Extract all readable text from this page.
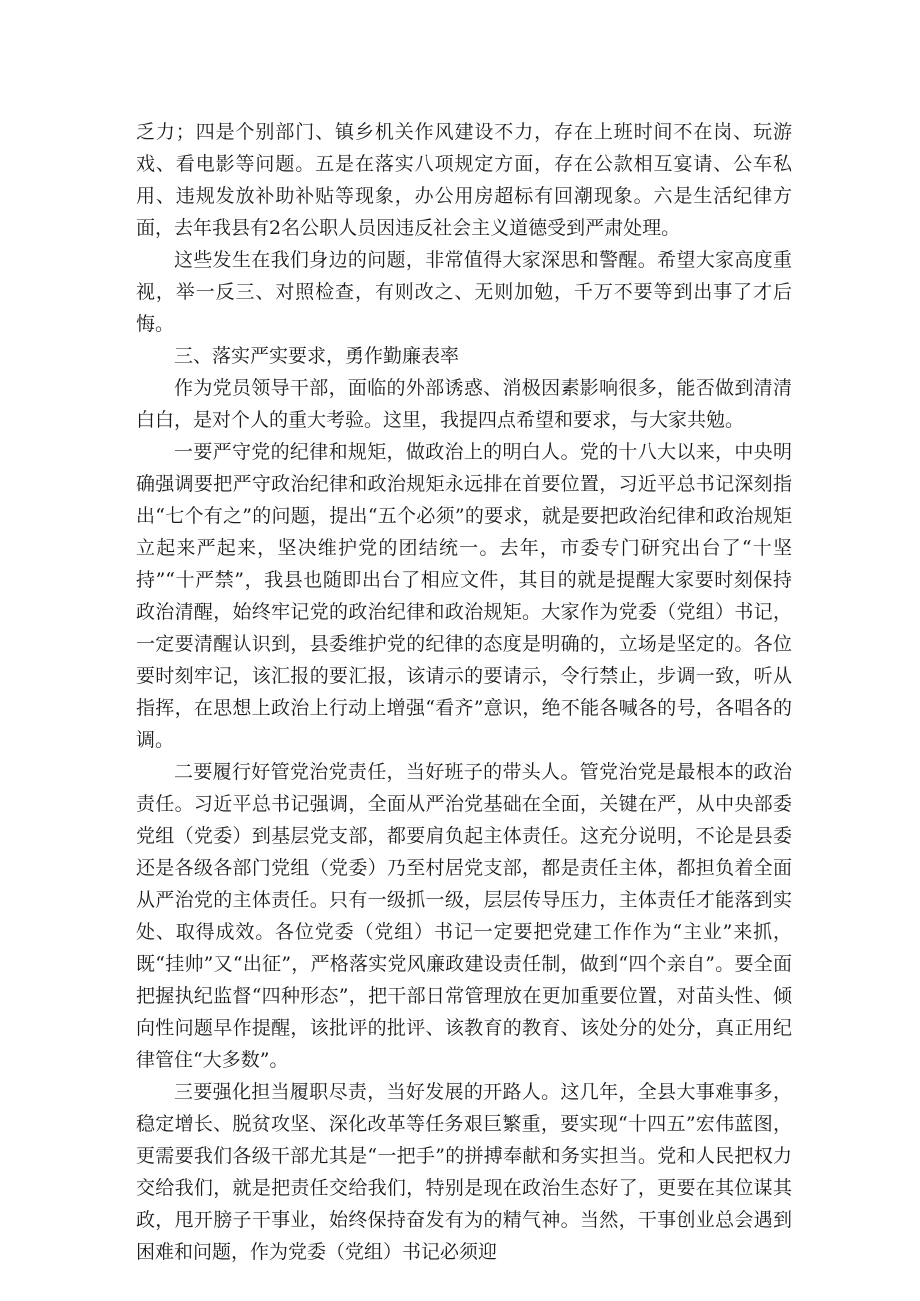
乏力；四是个别部门、镇乡机关作风建设不力，存在上班时间不在岗、玩游戏、看电影等问题。五是在落实八项规定方面，存在公款相互宴请、公车私用、违规发放补助补贴等现象，办公用房超标有回潮现象。六是生活纪律方面，去年我县有2名公职人员因违反社会主义道德受到严肃处理。

这些发生在我们身边的问题，非常值得大家深思和警醒。希望大家高度重视，举一反三、对照检查，有则改之、无则加勉，千万不要等到出事了才后悔。

三、落实严实要求，勇作勤廉表率

作为党员领导干部，面临的外部诱惑、消极因素影响很多，能否做到清清白白，是对个人的重大考验。这里，我提四点希望和要求，与大家共勉。

一要严守党的纪律和规矩，做政治上的明白人。党的十八大以来，中央明确强调要把严守政治纪律和政治规矩永远排在首要位置，习近平总书记深刻指出“七个有之”的问题，提出“五个必须”的要求，就是要把政治纪律和政治规矩立起来严起来，坚决维护党的团结统一。去年，市委专门研究出台了“十坚持”“十严禁”，我县也随即出台了相应文件，其目的就是提醒大家要时刻保持政治清醒，始终牢记党的政治纪律和政治规矩。大家作为党委（党组）书记，一定要清醒认识到，县委维护党的纪律的态度是明确的，立场是坚定的。各位要时刻牢记，该汇报的要汇报，该请示的要请示，令行禁止，步调一致，听从指挥，在思想上政治上行动上增强“看齐”意识，绝不能各喊各的号，各唱各的调。

二要履行好管党治党责任，当好班子的带头人。管党治党是最根本的政治责任。习近平总书记强调，全面从严治党基础在全面，关键在严，从中央部委党组（党委）到基层党支部，都要肩负起主体责任。这充分说明，不论是县委还是各级各部门党组（党委）乃至村居党支部，都是责任主体，都担负着全面从严治党的主体责任。只有一级抓一级，层层传导压力，主体责任才能落到实处、取得成效。各位党委（党组）书记一定要把党建工作作为“主业”来抓，既“挂帅”又“出征”，严格落实党风廉政建设责任制，做到“四个亲自”。要全面把握执纪监督“四种形态”，把干部日常管理放在更加重要位置，对苗头性、倾向性问题早作提醒，该批评的批评、该教育的教育、该处分的处分，真正用纪律管住“大多数”。

三要强化担当履职尽责，当好发展的开路人。这几年，全县大事难事多，稳定增长、脱贫攻坚、深化改革等任务艰巨繁重，要实现“十四五”宏伟蓝图，更需要我们各级干部尤其是“一把手”的拼搏奉献和务实担当。党和人民把权力交给我们，就是把责任交给我们，特别是现在政治生态好了，更要在其位谋其政，甩开膀子干事业，始终保持奋发有为的精气神。当然，干事创业总会遇到困难和问题，作为党委（党组）书记必须迎
